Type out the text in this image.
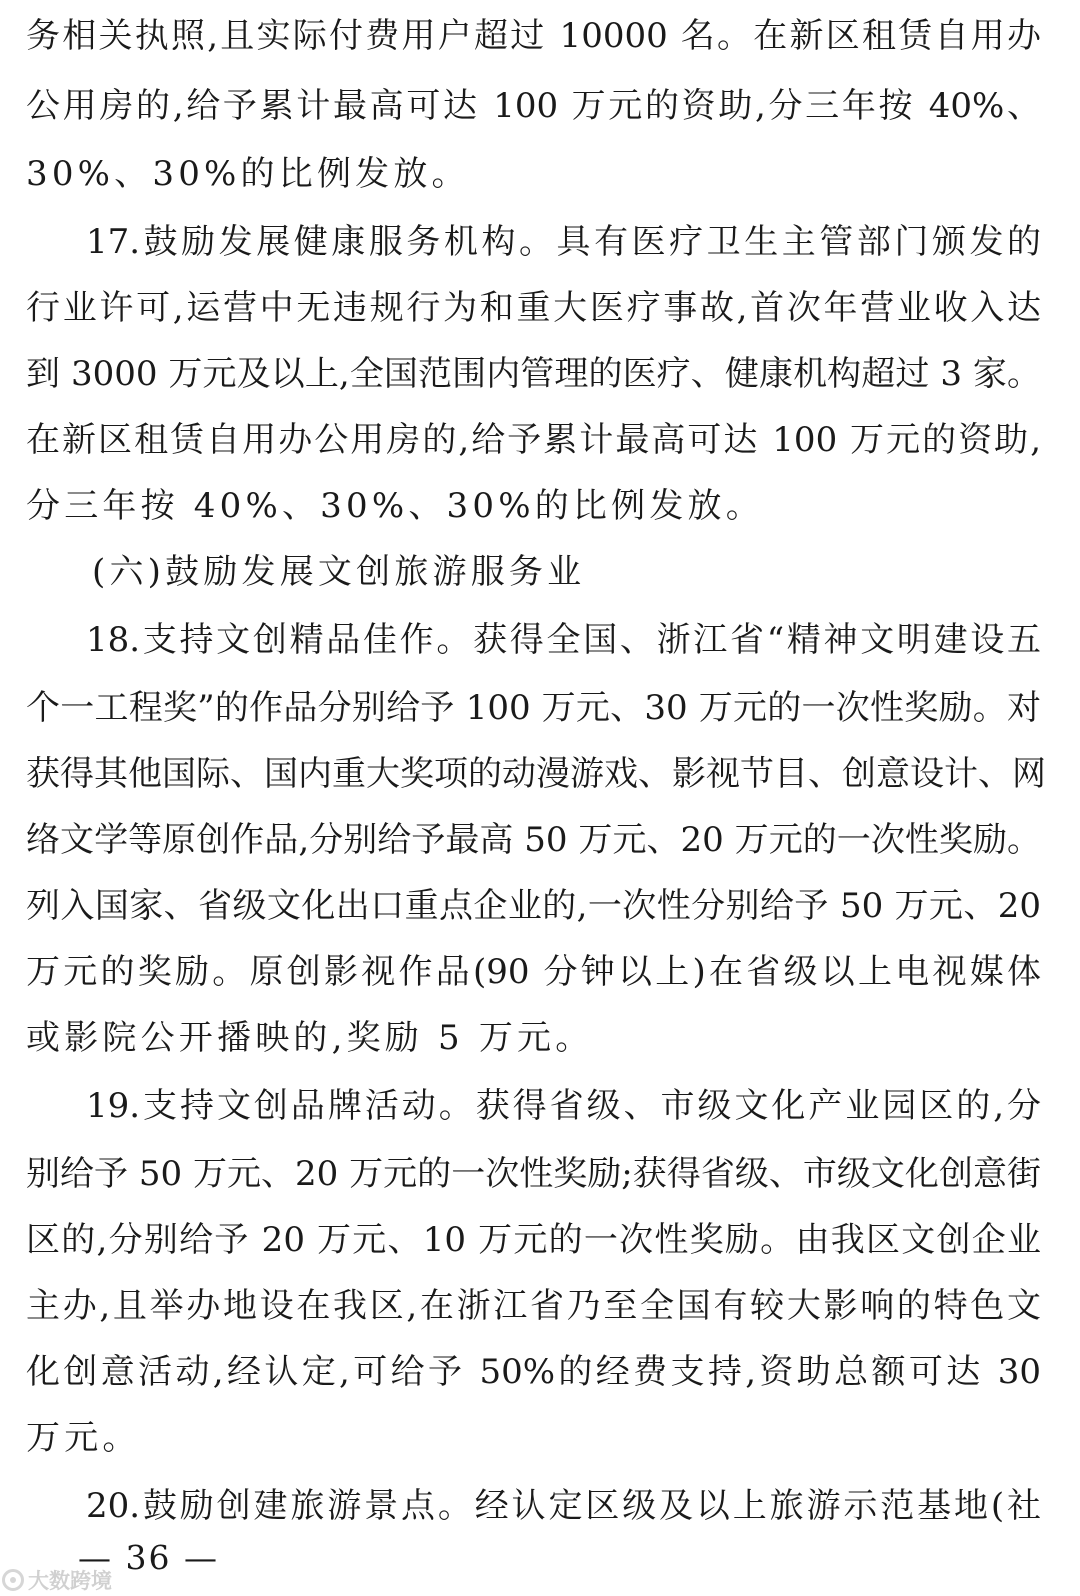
务相关执照,且实际付费用户超过 10000 名。在新区租赁自用办
公用房的,给予累计最高可达 100 万元的资助,分三年按 40%、
30%、30%的比例发放。
17.鼓励发展健康服务机构。具有医疗卫生主管部门颁发的
行业许可,运营中无违规行为和重大医疗事故,首次年营业收入达
到 3000 万元及以上,全国范围内管理的医疗、健康机构超过 3 家。
在新区租赁自用办公用房的,给予累计最高可达 100 万元的资助,
分三年按 40%、30%、30%的比例发放。
(六)鼓励发展文创旅游服务业
18.支持文创精品佳作。获得全国、浙江省“精神文明建设五
个一工程奖”的作品分别给予 100 万元、30 万元的一次性奖励。对
获得其他国际、国内重大奖项的动漫游戏、影视节目、创意设计、网
络文学等原创作品,分别给予最高 50 万元、20 万元的一次性奖励。
列入国家、省级文化出口重点企业的,一次性分别给予 50 万元、20
万元的奖励。原创影视作品(90 分钟以上)在省级以上电视媒体
或影院公开播映的,奖励 5 万元。
19.支持文创品牌活动。获得省级、市级文化产业园区的,分
别给予 50 万元、20 万元的一次性奖励;获得省级、市级文化创意街
区的,分别给予 20 万元、10 万元的一次性奖励。由我区文创企业
主办,且举办地设在我区,在浙江省乃至全国有较大影响的特色文
化创意活动,经认定,可给予 50%的经费支持,资助总额可达 30
万元。
20.鼓励创建旅游景点。经认定区级及以上旅游示范基地(社
— 36 —
大数跨境
